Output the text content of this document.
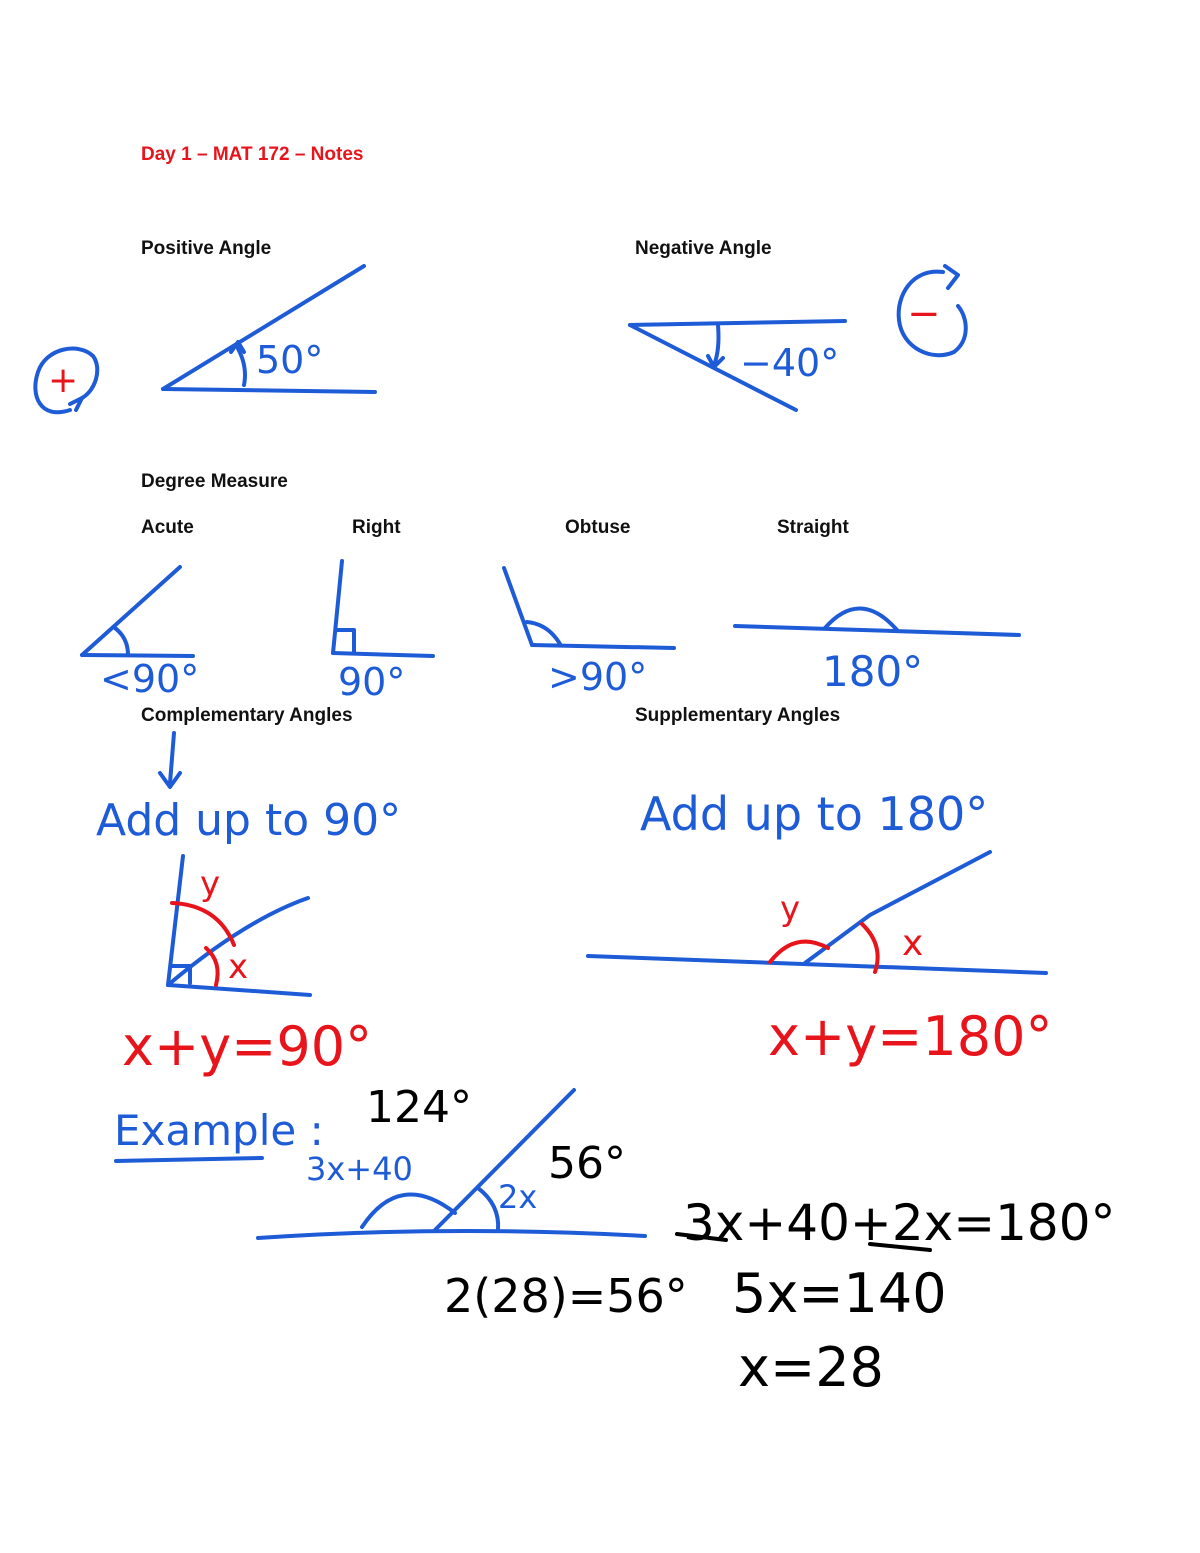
Day 1 – MAT 172 – Notes
Positive Angle	Negative Angle
Degree Measure
Acute	Right	Obtuse	Straight
Complementary Angles	Supplementary Angles
+
−
50°	−40°
<90°	90°	>90°	180°
Add up to 90°	Add up to 180°
y
x
x+y=90°
y
x
x+y=180°
Example : 124°
3x+40
2x
56°
2(28)=56°
3x+40+2x=180°
5x=140
x=28
